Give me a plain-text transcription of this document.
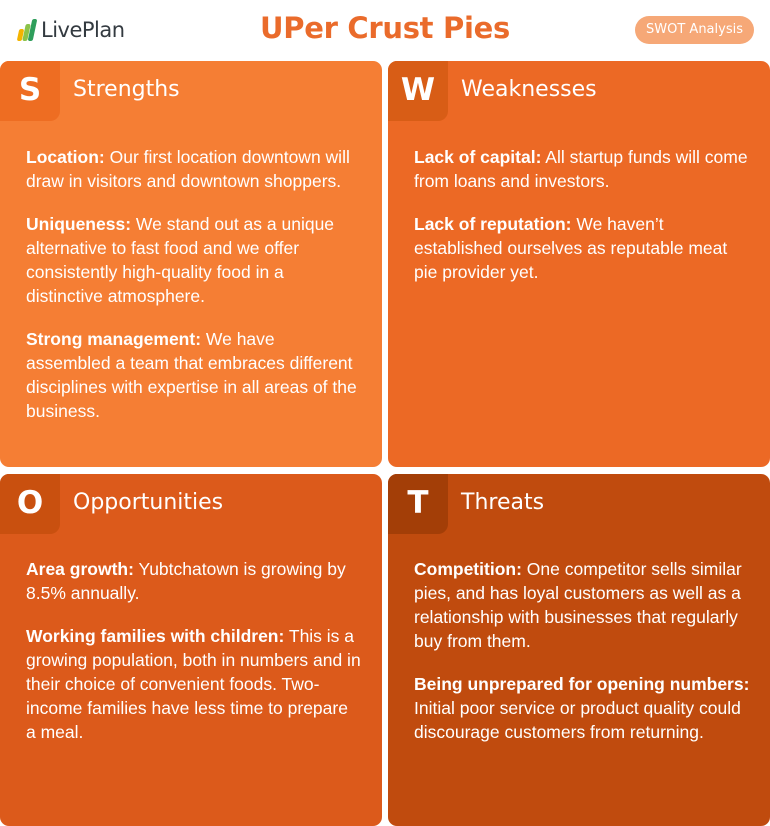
LivePlan	UPer Crust Pies	SWOT Analysis
S	Strengths

Location: Our first location downtown will draw in visitors and downtown shoppers.

Uniqueness: We stand out as a unique alternative to fast food and we offer consistently high-quality food in a distinctive atmosphere.

Strong management: We have assembled a team that embraces different disciplines with expertise in all areas of the business.

W	Weaknesses

Lack of capital: All startup funds will come from loans and investors.

Lack of reputation: We haven’t established ourselves as reputable meat pie provider yet.

O	Opportunities

Area growth: Yubtchatown is growing by 8.5% annually.

Working families with children: This is a growing population, both in numbers and in their choice of convenient foods. Two-income families have less time to prepare a meal.

T	Threats

Competition: One competitor sells similar pies, and has loyal customers as well as a relationship with businesses that regularly buy from them.

Being unprepared for opening numbers: Initial poor service or product quality could discourage customers from returning.
